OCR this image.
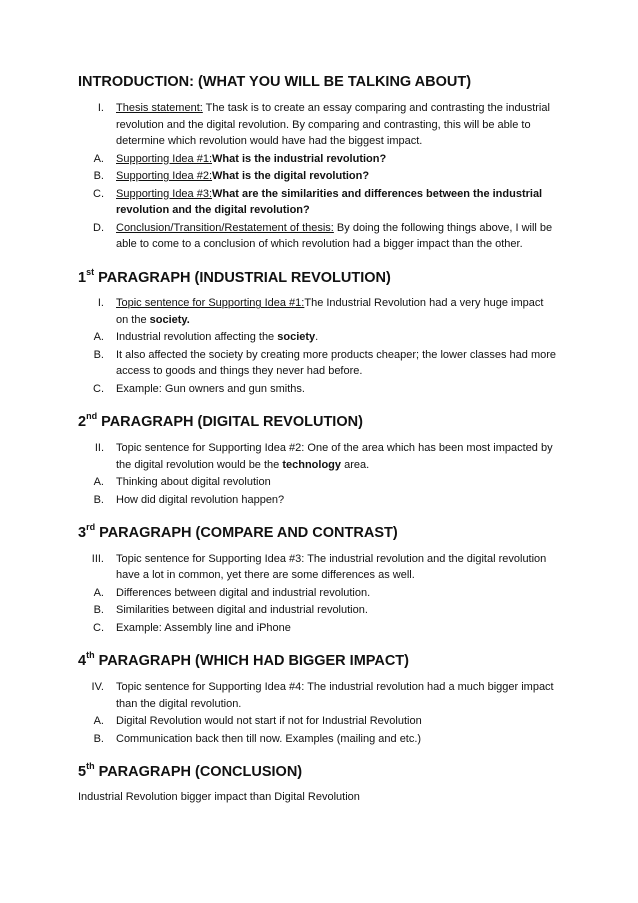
INTRODUCTION: (WHAT YOU WILL BE TALKING ABOUT)
I. Thesis statement: The task is to create an essay comparing and contrasting the industrial revolution and the digital revolution. By comparing and contrasting, this will be able to determine which revolution would have had the biggest impact.
A. Supporting Idea #1:What is the industrial revolution?
B. Supporting Idea #2:What is the digital revolution?
C. Supporting Idea #3:What are the similarities and differences between the industrial revolution and the digital revolution?
D. Conclusion/Transition/Restatement of thesis: By doing the following things above, I will be able to come to a conclusion of which revolution had a bigger impact than the other.
1st PARAGRAPH (INDUSTRIAL REVOLUTION)
I. Topic sentence for Supporting Idea #1:The Industrial Revolution had a very huge impact on the society.
A. Industrial revolution affecting the society.
B. It also affected the society by creating more products cheaper; the lower classes had more access to goods and things they never had before.
C. Example: Gun owners and gun smiths.
2nd PARAGRAPH (DIGITAL REVOLUTION)
II. Topic sentence for Supporting Idea #2: One of the area which has been most impacted by the digital revolution would be the technology area.
A. Thinking about digital revolution
B. How did digital revolution happen?
3rd PARAGRAPH (COMPARE AND CONTRAST)
III. Topic sentence for Supporting Idea #3: The industrial revolution and the digital revolution have a lot in common, yet there are some differences as well.
A. Differences between digital and industrial revolution.
B. Similarities between digital and industrial revolution.
C. Example: Assembly line and iPhone
4th PARAGRAPH (WHICH HAD BIGGER IMPACT)
IV. Topic sentence for Supporting Idea #4: The industrial revolution had a much bigger impact than the digital revolution.
A. Digital Revolution would not start if not for Industrial Revolution
B. Communication back then till now. Examples (mailing and etc.)
5th PARAGRAPH (CONCLUSION)
Industrial Revolution bigger impact than Digital Revolution
